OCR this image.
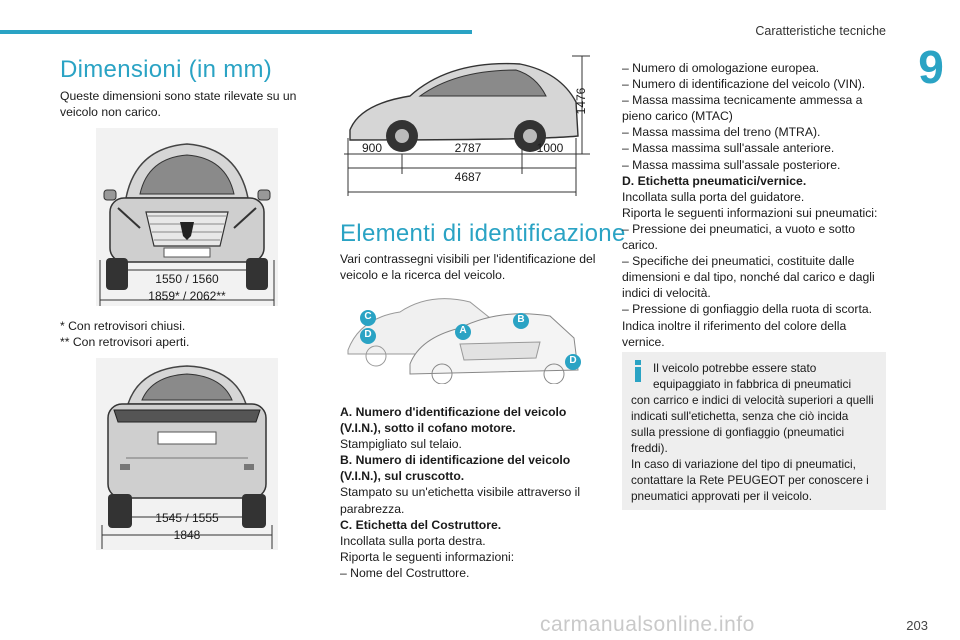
Caratteristiche tecniche
9
Dimensioni (in mm)
Queste dimensioni sono state rilevate su un veicolo non carico.
1550 / 1560
1859* / 2062**
* Con retrovisori chiusi.
** Con retrovisori aperti.
1545 / 1555
1848
1476
900	2787	1000
4687
Elementi di identificazione
Vari contrassegni visibili per l'identificazione del veicolo e la ricerca del veicolo.
C
D	A
B
D

A. Numero d'identificazione del veicolo

(V.I.N.), sotto il cofano motore.

Stampigliato sul telaio.

B. Numero di identificazione del veicolo

(V.I.N.), sul cruscotto.

Stampato su un'etichetta visibile attraverso il

parabrezza.

C. Etichetta del Costruttore.

Incollata sulla porta destra.

Riporta le seguenti informazioni:

– Nome del Costruttore.

– Numero di omologazione europea.

– Numero di identificazione del veicolo (VIN).

– Massa massima tecnicamente ammessa a

pieno carico (MTAC)

– Massa massima del treno (MTRA).

– Massa massima sull'assale anteriore.

– Massa massima sull'assale posteriore.

D. Etichetta pneumatici/vernice.

Incollata sulla porta del guidatore.

Riporta le seguenti informazioni sui pneumatici:

– Pressione dei pneumatici, a vuoto e sotto

carico.

– Specifiche dei pneumatici, costituite dalle

dimensioni e dal tipo, nonché dal carico e dagli

indici di velocità.

– Pressione di gonfiaggio della ruota di scorta.

Indica inoltre il riferimento del colore della

vernice.

Il veicolo potrebbe essere stato

equipaggiato in fabbrica di pneumatici

con carrico e indici di velocità superiori a quelli

indicati sull'etichetta, senza che ciò incida

sulla pressione di gonfiaggio (pneumatici

freddi).

In caso di variazione del tipo di pneumatici,

contattare la Rete PEUGEOT per conoscere i

pneumatici approvati per il veicolo.

carmanualsonline.info	203
